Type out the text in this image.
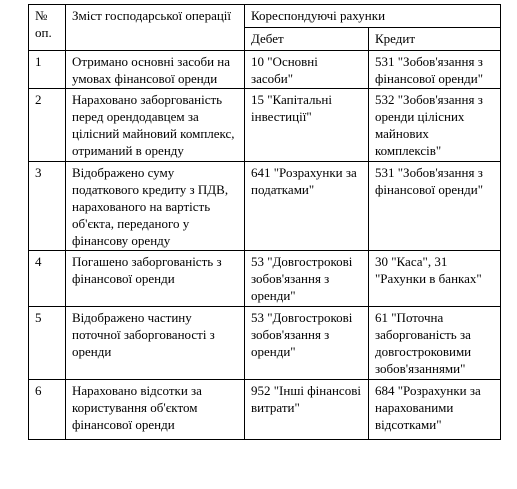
№ оп.	Зміст господарської операції	Кореспондуючі рахунки	
		Дебет	Кредит
1	Отримано основні засоби на умовах фінансової оренди	10 "Основні засоби"	531 "Зобов'язання з фінансової оренди"
2	Нараховано заборгованість перед орендодавцем за цілісний майновий комплекс, отриманий в оренду	15 "Капітальні інвестиції"	532 "Зобов'язання з оренди цілісних майнових комплексів"
3	Відображено суму податкового кредиту з ПДВ, нарахованого на вартість об'єкта, переданого у фінансову оренду	641 "Розрахунки за податками"	531 "Зобов'язання з фінансової оренди"
4	Погашено заборгованість з фінансової оренди	53 "Довгострокові зобов'язання з оренди"	30 "Каса", 31 "Рахунки в банках"
5	Відображено частину поточної заборгованості з оренди	53 "Довгострокові зобов'язання з оренди"	61 "Поточна заборгованість за довгостроковими зобов'язаннями"
6	Нараховано відсотки за користування об'єктом фінансової оренди	952 "Інші фінансові витрати"	684 "Розрахунки за нарахованими відсотками"
